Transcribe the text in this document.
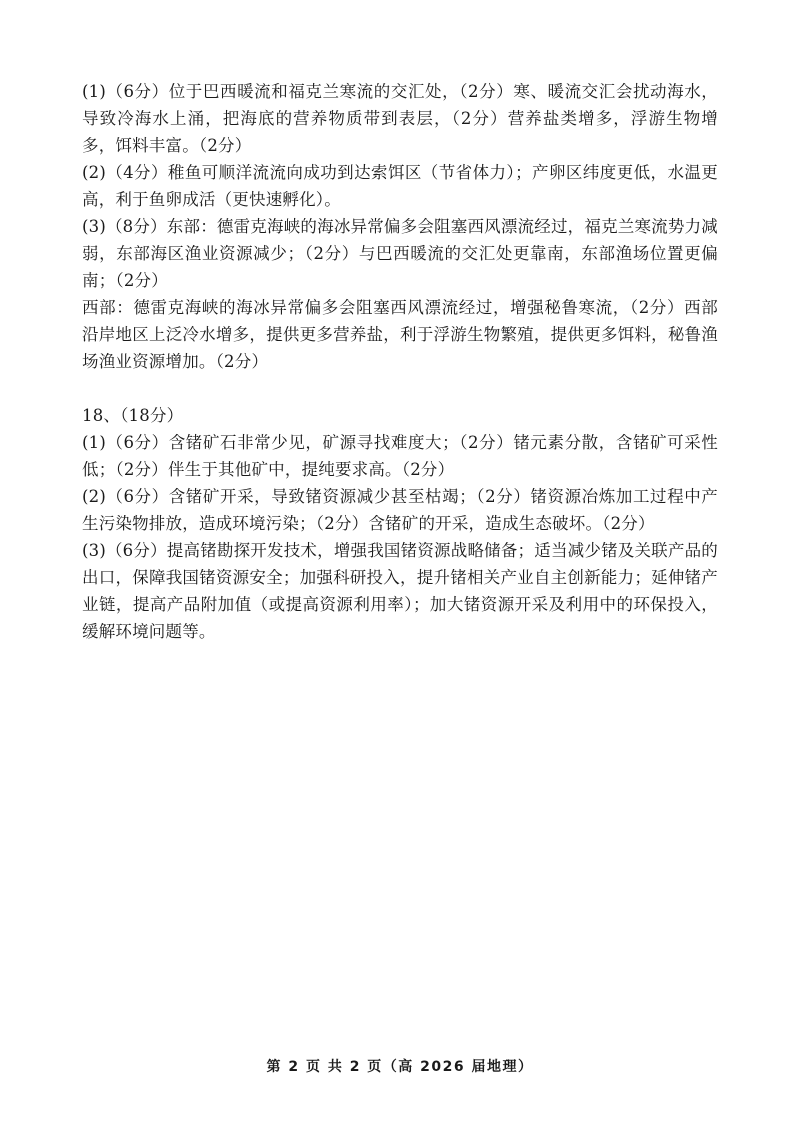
(1)（6分）位于巴西暖流和福克兰寒流的交汇处，（2分）寒、暖流交汇会扰动海水，导致冷海水上涌，把海底的营养物质带到表层，（2分）营养盐类增多，浮游生物增多，饵料丰富。（2分）

(2)（4分）稚鱼可顺洋流流向成功到达索饵区（节省体力）；产卵区纬度更低，水温更高，利于鱼卵成活（更快速孵化）。

(3)（8分）东部：德雷克海峡的海冰异常偏多会阻塞西风漂流经过，福克兰寒流势力减弱，东部海区渔业资源减少；（2分）与巴西暖流的交汇处更靠南，东部渔场位置更偏南；（2分）

西部：德雷克海峡的海冰异常偏多会阻塞西风漂流经过，增强秘鲁寒流，（2分）西部沿岸地区上泛冷水增多，提供更多营养盐，利于浮游生物繁殖，提供更多饵料，秘鲁渔场渔业资源增加。（2分）

18、（18分）

(1)（6分）含锗矿石非常少见，矿源寻找难度大；（2分）锗元素分散，含锗矿可采性低；（2分）伴生于其他矿中，提纯要求高。（2分）

(2)（6分）含锗矿开采，导致锗资源减少甚至枯竭；（2分）锗资源冶炼加工过程中产生污染物排放，造成环境污染；（2分）含锗矿的开采，造成生态破坏。（2分）

(3)（6分）提高锗勘探开发技术，增强我国锗资源战略储备；适当减少锗及关联产品的出口，保障我国锗资源安全；加强科研投入，提升锗相关产业自主创新能力；延伸锗产业链，提高产品附加值（或提高资源利用率）；加大锗资源开采及利用中的环保投入，缓解环境问题等。

第 2 页 共 2 页（高 2026 届地理）
